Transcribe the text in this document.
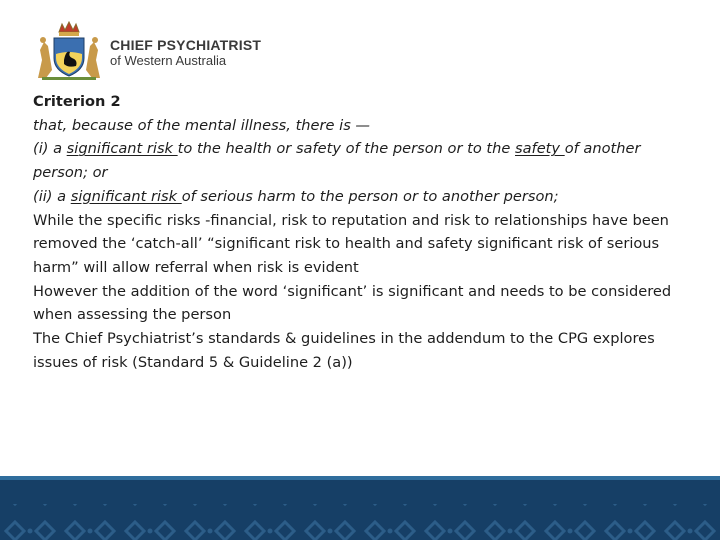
CHIEF PSYCHIATRIST
of Western Australia

Criterion 2

that, because of the mental illness, there is —

(i) a significant risk to the health or safety of the person or to the safety of another person; or

(ii) a significant risk of serious harm to the person or to another person;

While the specific risks -financial, risk to reputation and risk to relationships have been removed the ‘catch-all’ “significant risk to health and safety significant risk of serious harm” will allow referral when risk is evident

However the addition of the word ‘significant’ is significant and needs to be considered when assessing the person

The Chief Psychiatrist’s standards & guidelines in the addendum to the CPG explores issues of risk (Standard 5 & Guideline 2 (a))
